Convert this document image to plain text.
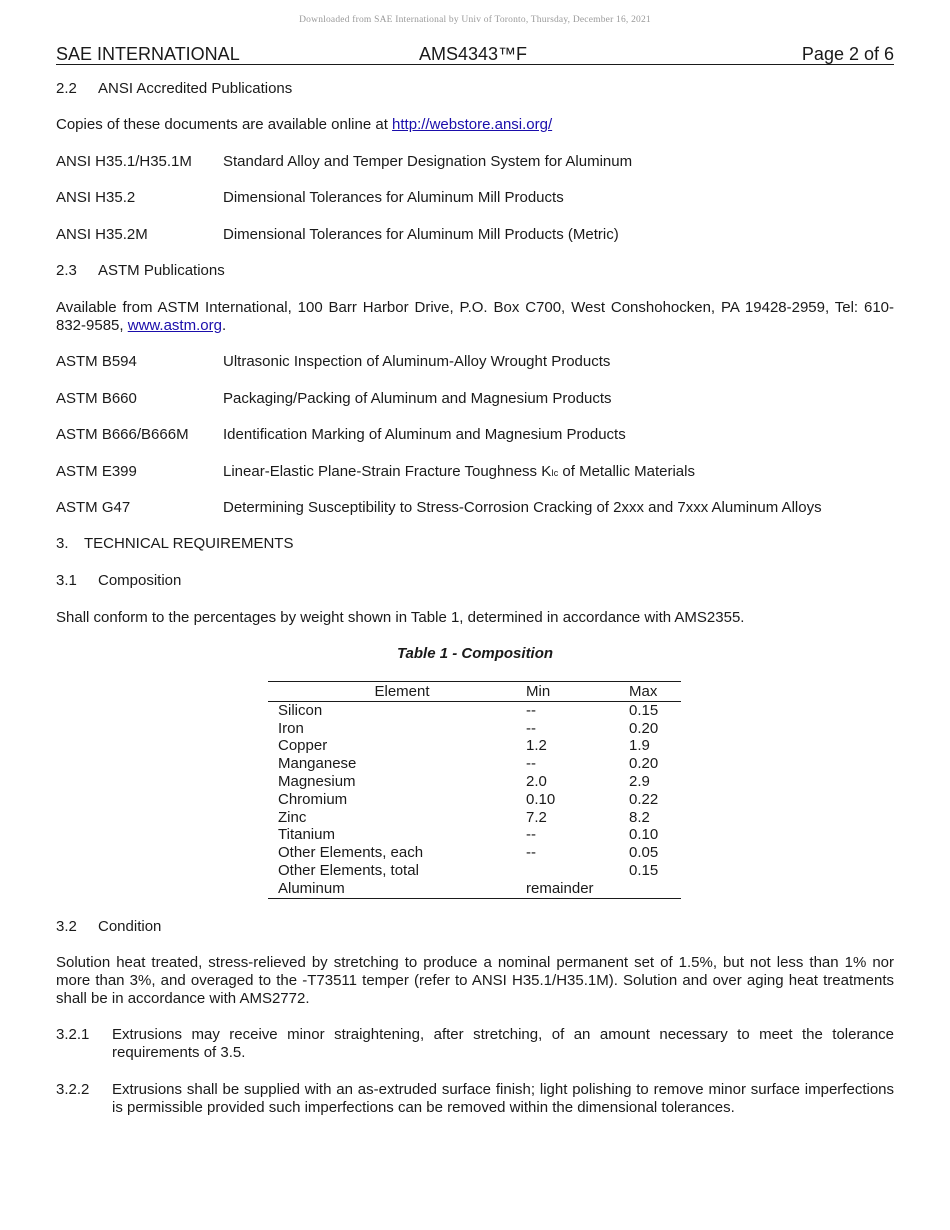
Downloaded from SAE International by Univ of Toronto, Thursday, December 16, 2021
SAE INTERNATIONAL	AMS4343™F	Page 2 of 6
2.2 ANSI Accredited Publications
Copies of these documents are available online at http://webstore.ansi.org/
ANSI H35.1/H35.1M Standard Alloy and Temper Designation System for Aluminum
ANSI H35.2	Dimensional Tolerances for Aluminum Mill Products
ANSI H35.2M	Dimensional Tolerances for Aluminum Mill Products (Metric)
2.3 ASTM Publications
Available from ASTM International, 100 Barr Harbor Drive, P.O. Box C700, West Conshohocken, PA 19428-2959, Tel: 610-832-9585, www.astm.org.
ASTM B594	Ultrasonic Inspection of Aluminum-Alloy Wrought Products
ASTM B660	Packaging/Packing of Aluminum and Magnesium Products
ASTM B666/B666M Identification Marking of Aluminum and Magnesium Products
ASTM E399	Linear-Elastic Plane-Strain Fracture Toughness KIc of Metallic Materials
ASTM G47	Determining Susceptibility to Stress-Corrosion Cracking of 2xxx and 7xxx Aluminum Alloys
3. TECHNICAL REQUIREMENTS
3.1 Composition
Shall conform to the percentages by weight shown in Table 1, determined in accordance with AMS2355.
Table 1 - Composition
Element	Min	Max
Silicon	--	0.15
Iron	--	0.20
Copper	1.2	1.9
Manganese	--	0.20
Magnesium	2.0	2.9
Chromium	0.10	0.22
Zinc	7.2	8.2
Titanium	--	0.10
Other Elements, each	--	0.05
Other Elements, total		0.15
Aluminum	remainder	
3.2 Condition
Solution heat treated, stress-relieved by stretching to produce a nominal permanent set of 1.5%, but not less than 1% nor more than 3%, and overaged to the -T73511 temper (refer to ANSI H35.1/H35.1M). Solution and over aging heat treatments shall be in accordance with AMS2772.
3.2.1 Extrusions may receive minor straightening, after stretching, of an amount necessary to meet the tolerance requirements of 3.5.
3.2.2 Extrusions shall be supplied with an as-extruded surface finish; light polishing to remove minor surface imperfections is permissible provided such imperfections can be removed within the dimensional tolerances.
